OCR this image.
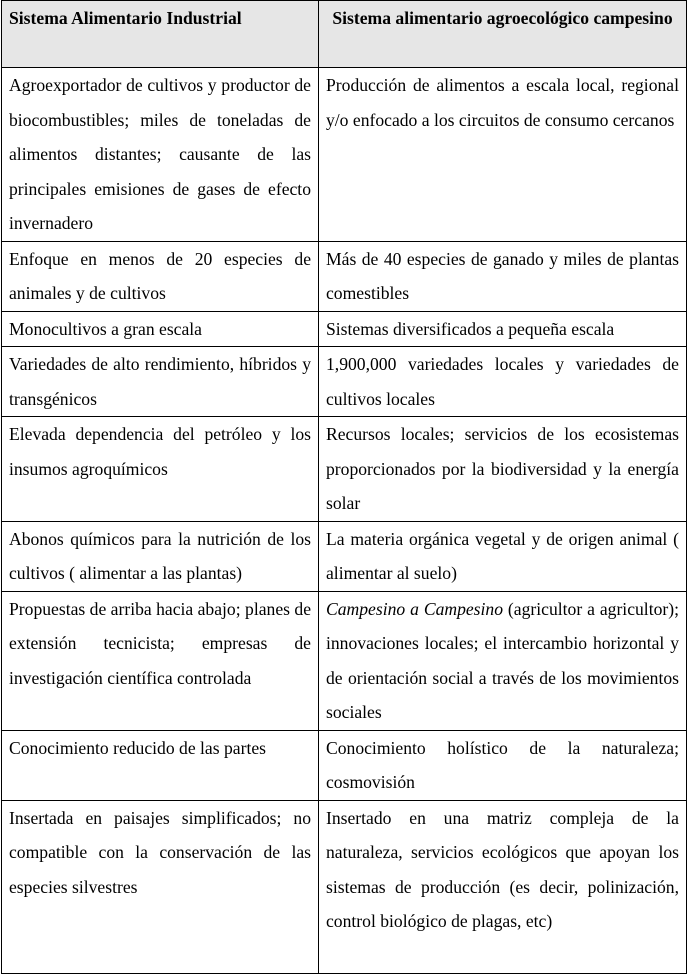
Sistema Alimentario Industrial	Sistema alimentario agroecológico campesino
Agroexportador de cultivos y productor de biocombustibles; miles de toneladas de alimentos distantes; causante de las principales emisiones de gases de efecto invernadero	Producción de alimentos a escala local, regional y/o enfocado a los circuitos de consumo cercanos
Enfoque en menos de 20 especies de animales y de cultivos	Más de 40 especies de ganado y miles de plantas comestibles
Monocultivos a gran escala	Sistemas diversificados a pequeña escala
Variedades de alto rendimiento, híbridos y transgénicos	1,900,000 variedades locales y variedades de cultivos locales
Elevada dependencia del petróleo y los insumos agroquímicos	Recursos locales; servicios de los ecosistemas proporcionados por la biodiversidad y la energía solar
Abonos químicos para la nutrición de los cultivos ( alimentar a las plantas)	La materia orgánica vegetal y de origen animal ( alimentar al suelo)
Propuestas de arriba hacia abajo; planes de extensión tecnicista; empresas de investigación científica controlada	Campesino a Campesino (agricultor a agricultor); innovaciones locales; el intercambio horizontal y de orientación social a través de los movimientos sociales
Conocimiento reducido de las partes	Conocimiento holístico de la naturaleza; cosmovisión
Insertada en paisajes simplificados; no compatible con la conservación de las especies silvestres	Insertado en una matriz compleja de la naturaleza, servicios ecológicos que apoyan los sistemas de producción (es decir, polinización, control biológico de plagas, etc)
